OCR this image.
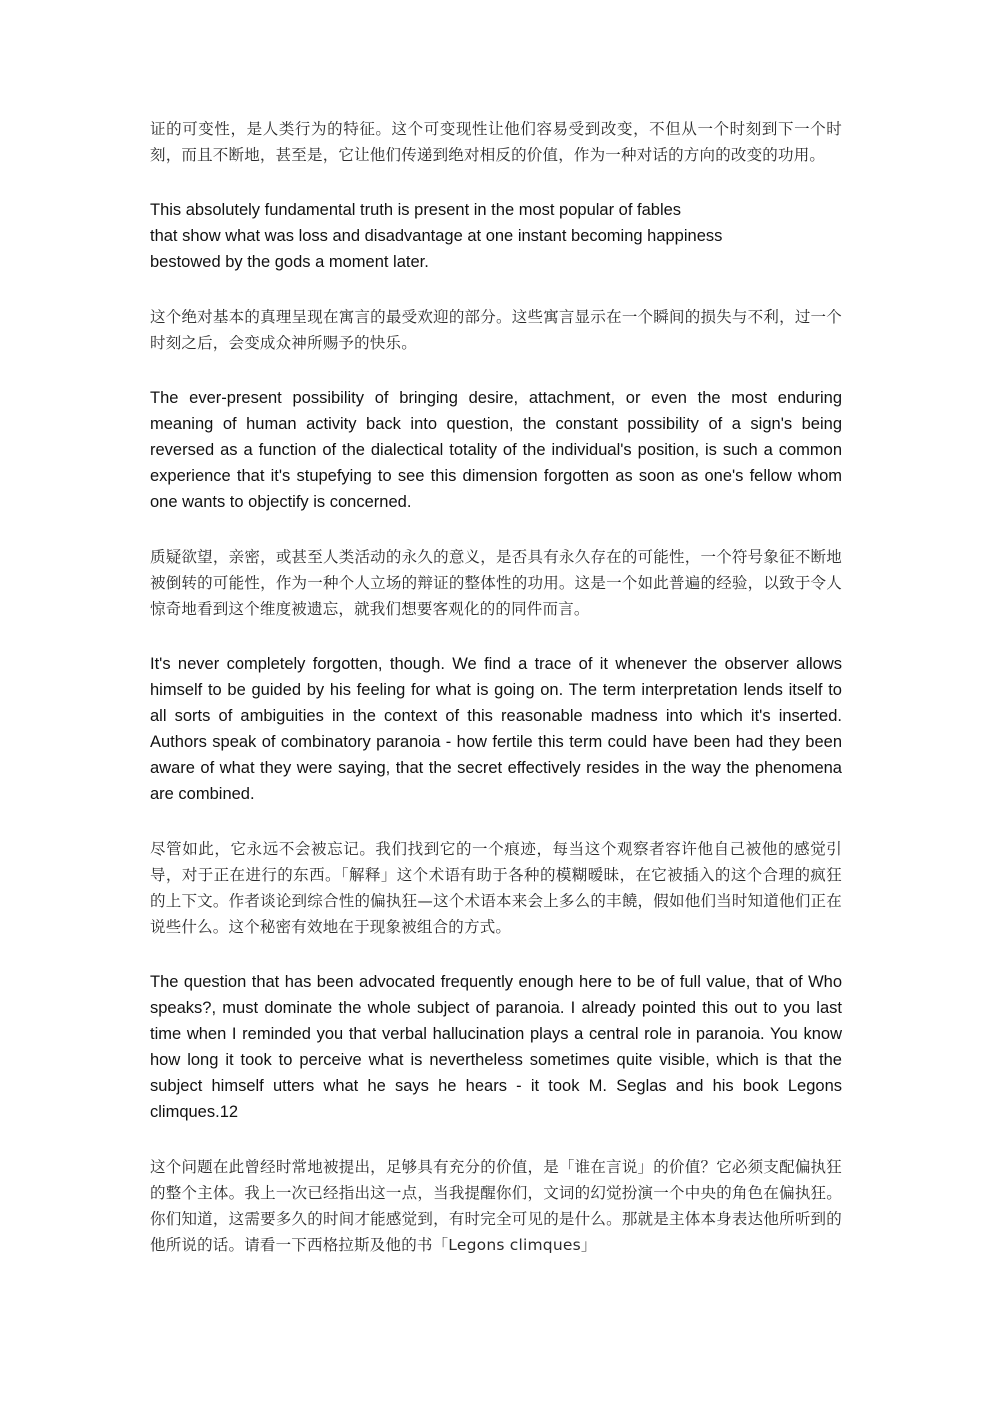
证的可变性，是人类行为的特征。这个可变现性让他们容易受到改变，不但从一个时刻到下一个时刻，而且不断地，甚至是，它让他们传递到绝对相反的价值，作为一种对话的方向的改变的功用。

This absolutely fundamental truth is present in the most popular of fables
that show what was loss and disadvantage at one instant becoming happiness
bestowed by the gods a moment later.

这个绝对基本的真理呈现在寓言的最受欢迎的部分。这些寓言显示在一个瞬间的损失与不利，过一个时刻之后，会变成众神所赐予的快乐。

The ever-present possibility of bringing desire, attachment, or even the most enduring meaning of human activity back into question, the constant possibility of a sign's being reversed as a function of the dialectical totality of the individual's position, is such a common experience that it's stupefying to see this dimension forgotten as soon as one's fellow whom one wants to objectify is concerned.

质疑欲望，亲密，或甚至人类活动的永久的意义，是否具有永久存在的可能性，一个符号象征不断地被倒转的可能性，作为一种个人立场的辩证的整体性的功用。这是一个如此普遍的经验，以致于令人惊奇地看到这个维度被遗忘，就我们想要客观化的的同件而言。

It's never completely forgotten, though. We find a trace of it whenever the observer allows himself to be guided by his feeling for what is going on. The term interpretation lends itself to all sorts of ambiguities in the context of this reasonable madness into which it's inserted. Authors speak of combinatory paranoia - how fertile this term could have been had they been aware of what they were saying, that the secret effectively resides in the way the phenomena are combined.

尽管如此，它永远不会被忘记。我们找到它的一个痕迹，每当这个观察者容许他自己被他的感觉引导，对于正在进行的东西。「解释」这个术语有助于各种的模糊暧昧，在它被插入的这个合理的疯狂的上下文。作者谈论到综合性的偏执狂—这个术语本来会上多么的丰饒，假如他们当时知道他们正在说些什么。这个秘密有效地在于现象被组合的方式。

The question that has been advocated frequently enough here to be of full value, that of Who speaks?, must dominate the whole subject of paranoia. I already pointed this out to you last time when I reminded you that verbal hallucination plays a central role in paranoia. You know how long it took to perceive what is nevertheless sometimes quite visible, which is that the subject himself utters what he says he hears - it took M. Seglas and his book Legons climques.12

这个问题在此曾经时常地被提出，足够具有充分的价值，是「谁在言说」的价值？它必须支配偏执狂的整个主体。我上一次已经指出这一点，当我提醒你们，文词的幻觉扮演一个中央的角色在偏执狂。你们知道，这需要多久的时间才能感觉到，有时完全可见的是什么。那就是主体本身表达他所听到的他所说的话。请看一下西格拉斯及他的书「Legons climques」
